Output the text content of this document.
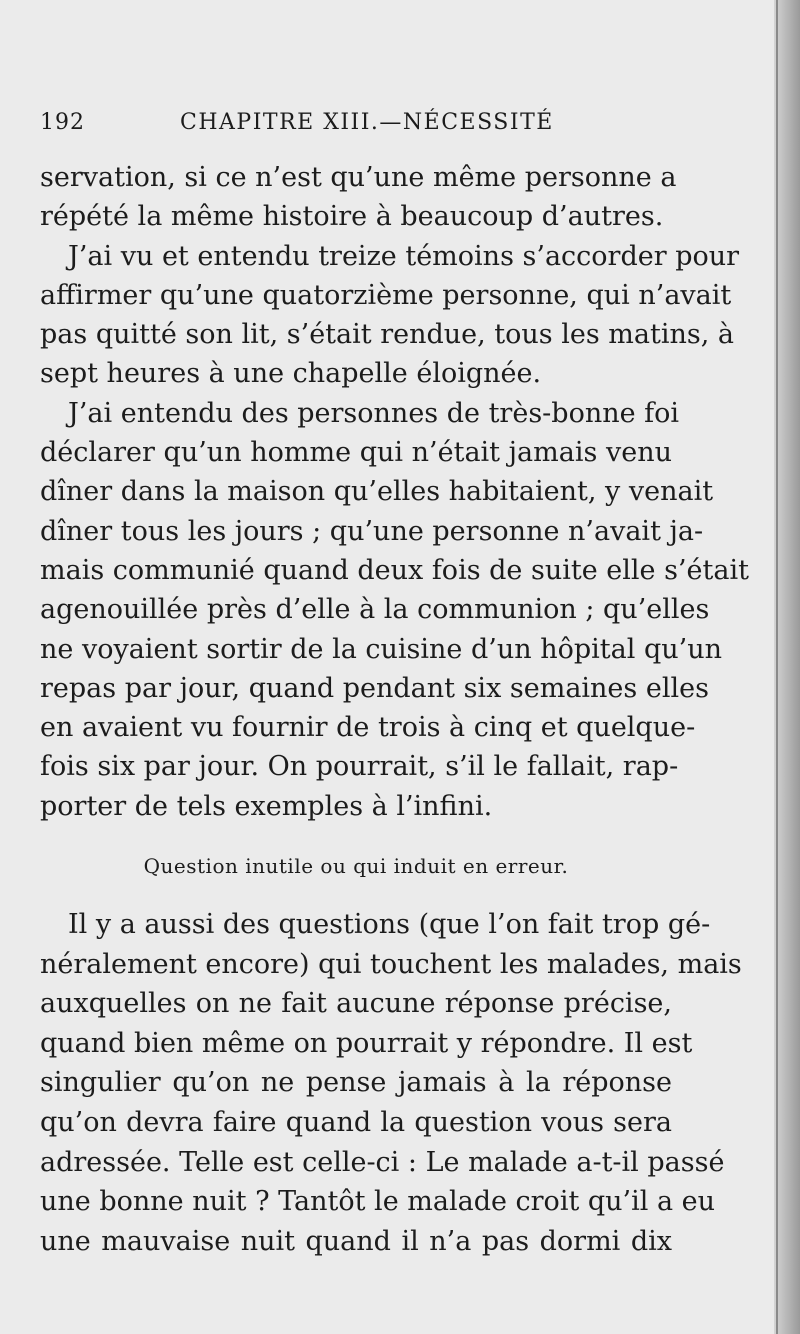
192	CHAPITRE XIII.—NÉCESSITÉ
servation, si ce n’est qu’une même personne a
répété la même histoire à beaucoup d’autres.
J’ai vu et entendu treize témoins s’accorder pour
affirmer qu’une quatorzième personne, qui n’avait
pas quitté son lit, s’était rendue, tous les matins, à
sept heures à une chapelle éloignée.
J’ai entendu des personnes de très-bonne foi
déclarer qu’un homme qui n’était jamais venu
dîner dans la maison qu’elles habitaient, y venait
dîner tous les jours ; qu’une personne n’avait ja-
mais communié quand deux fois de suite elle s’était
agenouillée près d’elle à la communion ; qu’elles
ne voyaient sortir de la cuisine d’un hôpital qu’un
repas par jour, quand pendant six semaines elles
en avaient vu fournir de trois à cinq et quelque-
fois six par jour. On pourrait, s’il le fallait, rap-
porter de tels exemples à l’infini.
Question inutile ou qui induit en erreur.
Il y a aussi des questions (que l’on fait trop gé-
néralement encore) qui touchent les malades, mais
auxquelles on ne fait aucune réponse précise,
quand bien même on pourrait y répondre. Il est
singulier qu’on ne pense jamais à la réponse
qu’on devra faire quand la question vous sera
adressée. Telle est celle-ci : Le malade a-t-il passé
une bonne nuit ? Tantôt le malade croit qu’il a eu
une mauvaise nuit quand il n’a pas dormi dix
